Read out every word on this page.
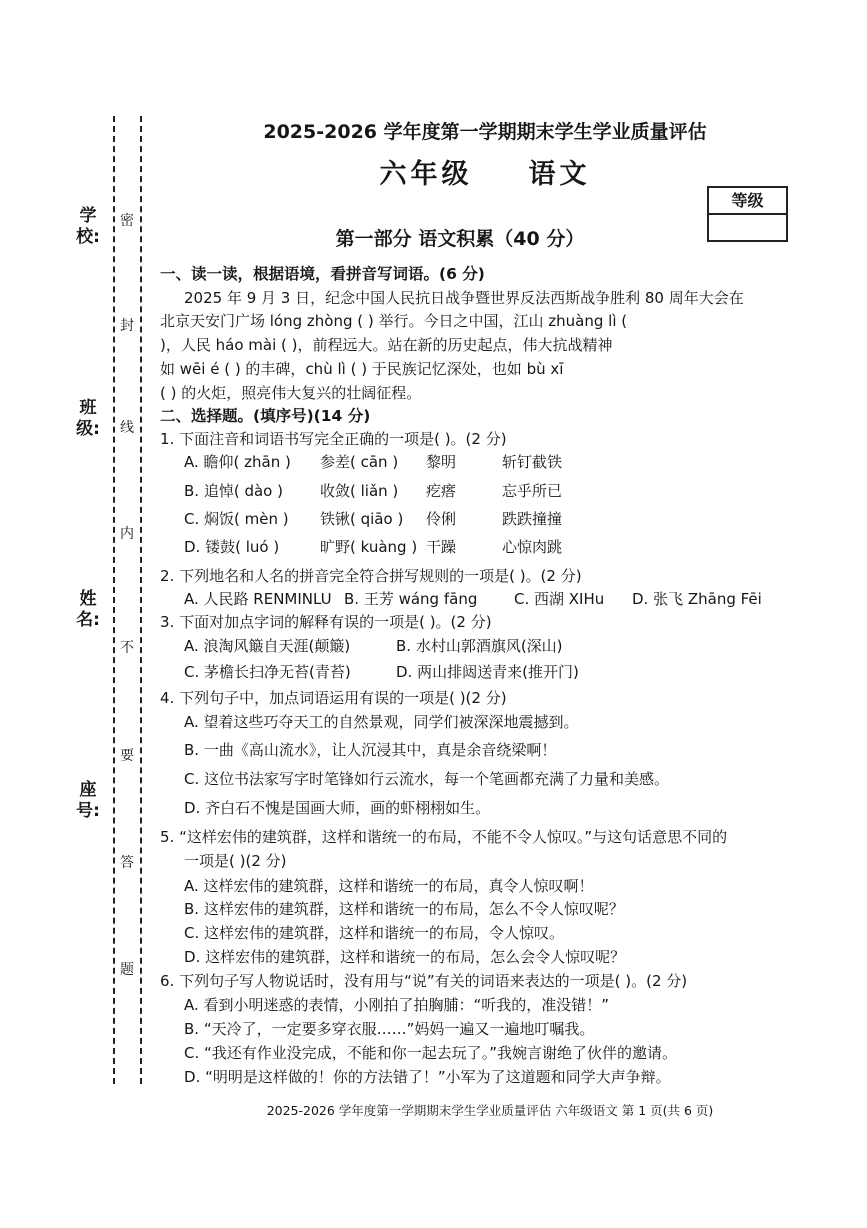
学校:
班级:
姓名:
座号:
密
封
线
内
不
要
答
题
2025-2026 学年度第一学期期末学生学业质量评估
六年级 语文
等级
第一部分 语文积累（40 分）
一、读一读，根据语境，看拼音写词语。(6 分)
2025 年 9 月 3 日，纪念中国人民抗日战争暨世界反法西斯战争胜利 80 周年大会在
北京天安门广场 lóng zhòng ( ) 举行。今日之中国，江山 zhuàng lì (
)，人民 háo mài ( )，前程远大。站在新的历史起点，伟大抗战精神
如 wēi é ( ) 的丰碑，chù lì ( ) 于民族记忆深处，也如 bù xī
( ) 的火炬，照亮伟大复兴的壮阔征程。
二、选择题。(填序号)(14 分)
1. 下面注音和词语书写完全正确的一项是( )。(2 分)
A. 瞻仰( zhān ) 参差( cān ) 黎明	斩钉截铁
B. 追悼( dào ) 收敛( liǎn ) 疙瘩	忘乎所已
C. 焖饭( mèn ) 铁锹( qiāo ) 伶俐	跌跌撞撞
D. 镂鼓( luó )	旷野( kuàng ) 干躁	心惊肉跳
2. 下列地名和人名的拼音完全符合拼写规则的一项是( )。(2 分)
A. 人民路 RENMINLU B. 王芳 wáng fāng C. 西湖 XIHu D. 张飞 Zhāng Fēi
3. 下面对加点字词的解释有误的一项是( )。(2 分)
A. 浪淘风簸自天涯(颠簸)	B. 水村山郭酒旗风(深山)
C. 茅檐长扫净无苔(青苔)	D. 两山排闼送青来(推开门)
4. 下列句子中，加点词语运用有误的一项是( )(2 分)
A. 望着这些巧夺天工的自然景观，同学们被深深地震撼到。
B. 一曲《高山流水》，让人沉浸其中，真是余音绕梁啊！
C. 这位书法家写字时笔锋如行云流水，每一个笔画都充满了力量和美感。
D. 齐白石不愧是国画大师，画的虾栩栩如生。
5. “这样宏伟的建筑群，这样和谐统一的布局，不能不令人惊叹。”与这句话意思不同的
一项是( )(2 分)
A. 这样宏伟的建筑群，这样和谐统一的布局，真令人惊叹啊！
B. 这样宏伟的建筑群，这样和谐统一的布局，怎么不令人惊叹呢？
C. 这样宏伟的建筑群，这样和谐统一的布局，令人惊叹。
D. 这样宏伟的建筑群，这样和谐统一的布局，怎么会令人惊叹呢？
6. 下列句子写人物说话时，没有用与“说”有关的词语来表达的一项是( )。(2 分)
A. 看到小明迷惑的表情，小刚拍了拍胸脯：“听我的，准没错！”
B. “天冷了，一定要多穿衣服……”妈妈一遍又一遍地叮嘱我。
C. “我还有作业没完成，不能和你一起去玩了。”我婉言谢绝了伙伴的邀请。
D. “明明是这样做的！你的方法错了！”小军为了这道题和同学大声争辩。
2025-2026 学年度第一学期期末学生学业质量评估 六年级语文 第 1 页(共 6 页)
